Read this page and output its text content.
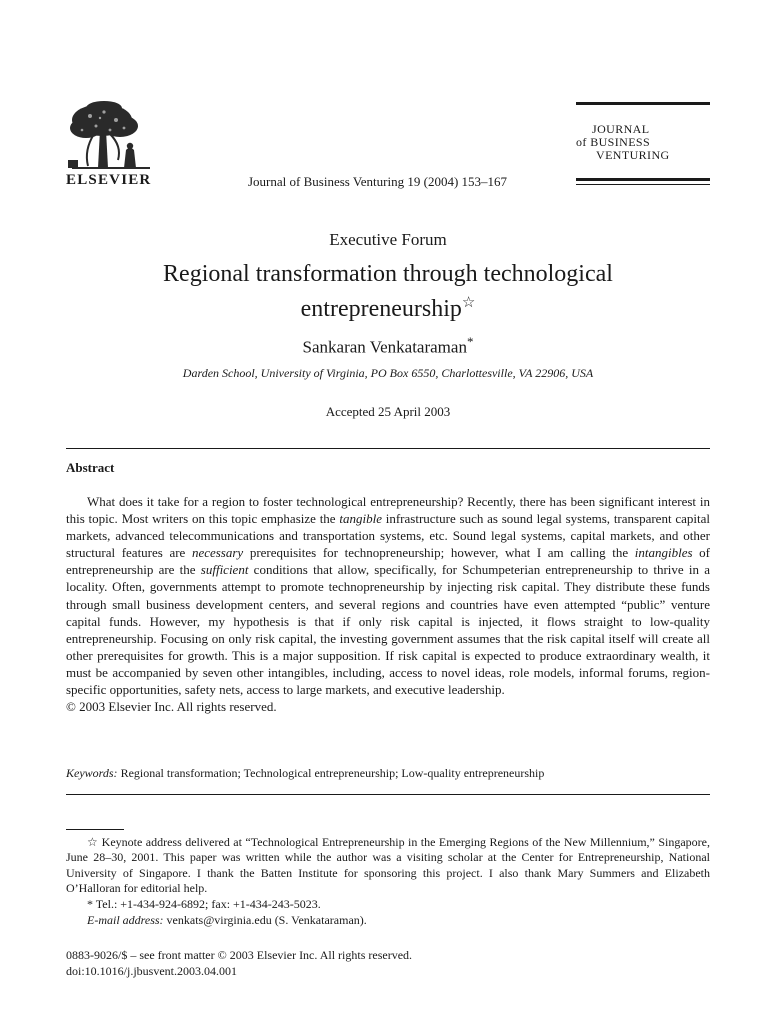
ELSEVIER	Journal of Business Venturing 19 (2004) 153–167
JOURNAL
of BUSINESS
VENTURING
Executive Forum
Regional transformation through technological entrepreneurship☆
Sankaran Venkataraman*
Darden School, University of Virginia, PO Box 6550, Charlottesville, VA 22906, USA
Accepted 25 April 2003
Abstract
What does it take for a region to foster technological entrepreneurship? Recently, there has been significant interest in this topic. Most writers on this topic emphasize the tangible infrastructure such as sound legal systems, transparent capital markets, advanced telecommunications and transportation systems, etc. Sound legal systems, capital markets, and other structural features are necessary prerequisites for technopreneurship; however, what I am calling the intangibles of entrepreneurship are the sufficient conditions that allow, specifically, for Schumpeterian entrepreneurship to thrive in a locality. Often, governments attempt to promote technopreneurship by injecting risk capital. They distribute these funds through small business development centers, and several regions and countries have even attempted “public” venture capital funds. However, my hypothesis is that if only risk capital is injected, it flows straight to low-quality entrepreneurship. Focusing on only risk capital, the investing government assumes that the risk capital itself will create all other prerequisites for growth. This is a major supposition. If risk capital is expected to produce extraordinary wealth, it must be accompanied by seven other intangibles, including, access to novel ideas, role models, informal forums, region-specific opportunities, safety nets, access to large markets, and executive leadership.
© 2003 Elsevier Inc. All rights reserved.
Keywords: Regional transformation; Technological entrepreneurship; Low-quality entrepreneurship
☆ Keynote address delivered at “Technological Entrepreneurship in the Emerging Regions of the New Millennium,” Singapore, June 28–30, 2001. This paper was written while the author was a visiting scholar at the Center for Entrepreneurship, National University of Singapore. I thank the Batten Institute for sponsoring this project. I also thank Mary Summers and Elizabeth O’Halloran for editorial help.
* Tel.: +1-434-924-6892; fax: +1-434-243-5023.
E-mail address: venkats@virginia.edu (S. Venkataraman).
0883-9026/$ – see front matter © 2003 Elsevier Inc. All rights reserved.
doi:10.1016/j.jbusvent.2003.04.001
